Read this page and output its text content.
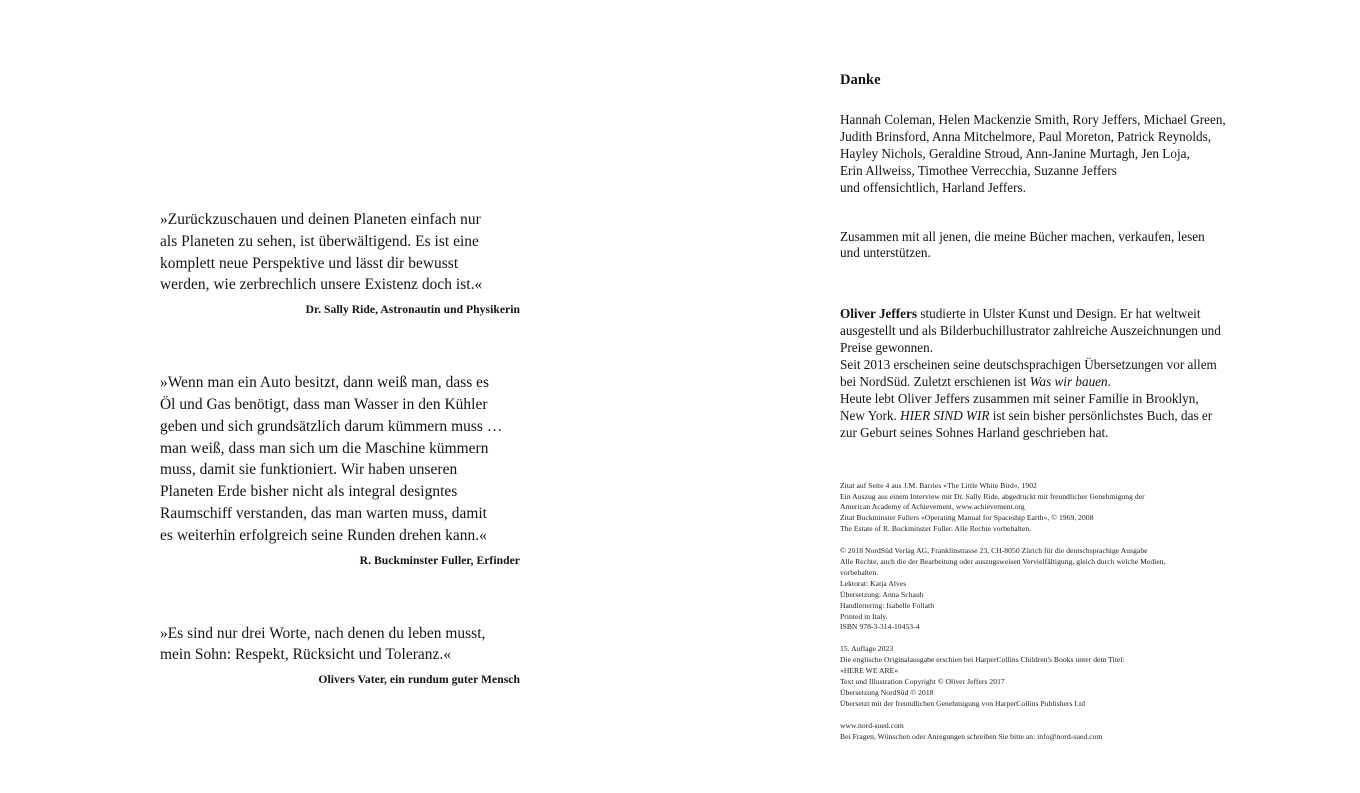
»Zurückzuschauen und deinen Planeten einfach nur
als Planeten zu sehen, ist überwältigend. Es ist eine
komplett neue Perspektive und lässt dir bewusst
werden, wie zerbrechlich unsere Existenz doch ist.«

Dr. Sally Ride, Astronautin und Physikerin

»Wenn man ein Auto besitzt, dann weiß man, dass es
Öl und Gas benötigt, dass man Wasser in den Kühler
geben und sich grundsätzlich darum kümmern muss …
man weiß, dass man sich um die Maschine kümmern
muss, damit sie funktioniert. Wir haben unseren
Planeten Erde bisher nicht als integral designtes
Raumschiff verstanden, das man warten muss, damit
es weiterhin erfolgreich seine Runden drehen kann.«

R. Buckminster Fuller, Erfinder

»Es sind nur drei Worte, nach denen du leben musst,
mein Sohn: Respekt, Rücksicht und Toleranz.«

Olivers Vater, ein rundum guter Mensch
Danke

Hannah Coleman, Helen Mackenzie Smith, Rory Jeffers, Michael Green,
Judith Brinsford, Anna Mitchelmore, Paul Moreton, Patrick Reynolds,
Hayley Nichols, Geraldine Stroud, Ann-Janine Murtagh, Jen Loja,
Erin Allweiss, Timothee Verrecchia, Suzanne Jeffers
und offensichtlich, Harland Jeffers.

Zusammen mit all jenen, die meine Bücher machen, verkaufen, lesen
und unterstützen.

Oliver Jeffers studierte in Ulster Kunst und Design. Er hat weltweit
ausgestellt und als Bilderbuchillustrator zahlreiche Auszeichnungen und
Preise gewonnen.
Seit 2013 erscheinen seine deutschsprachigen Übersetzungen vor allem
bei NordSüd. Zuletzt erschienen ist Was wir bauen.
Heute lebt Oliver Jeffers zusammen mit seiner Familie in Brooklyn,
New York. HIER SIND WIR ist sein bisher persönlichstes Buch, das er
zur Geburt seines Sohnes Harland geschrieben hat.

Zitat auf Seite 4 aus J.M. Barries »The Little White Bird«, 1902
Ein Auszug aus einem Interview mit Dr. Sally Ride, abgedruckt mit freundlicher Genehmigung der
American Academy of Achievement, www.achievement.org
Zitat Buckminster Fullers »Operating Manual for Spaceship Earth«, © 1969, 2008
The Estate of R. Buckminster Fuller. Alle Rechte vorbehalten.

© 2018 NordSüd Verlag AG, Franklinstrasse 23, CH-8050 Zürich für die deutschsprachige Ausgabe
Alle Rechte, auch die der Bearbeitung oder auszugsweisen Vervielfältigung, gleich durch welche Medien,
vorbehalten.
Lektorat: Katja Alves
Übersetzung: Anna Schaub
Handlettering: Isabelle Follath
Printed in Italy.
ISBN 978-3-314-10453-4

15. Auflage 2023
Die englische Originalausgabe erschien bei HarperCollins Children's Books unter dem Titel:
»HERE WE ARE«
Text und Illustration Copyright © Oliver Jeffers 2017
Übersetzung NordSüd © 2018
Übersetzt mit der freundlichen Genehmigung von HarperCollins Publishers Ltd

www.nord-sued.com
Bei Fragen, Wünschen oder Anregungen schreiben Sie bitte an: info@nord-sued.com
